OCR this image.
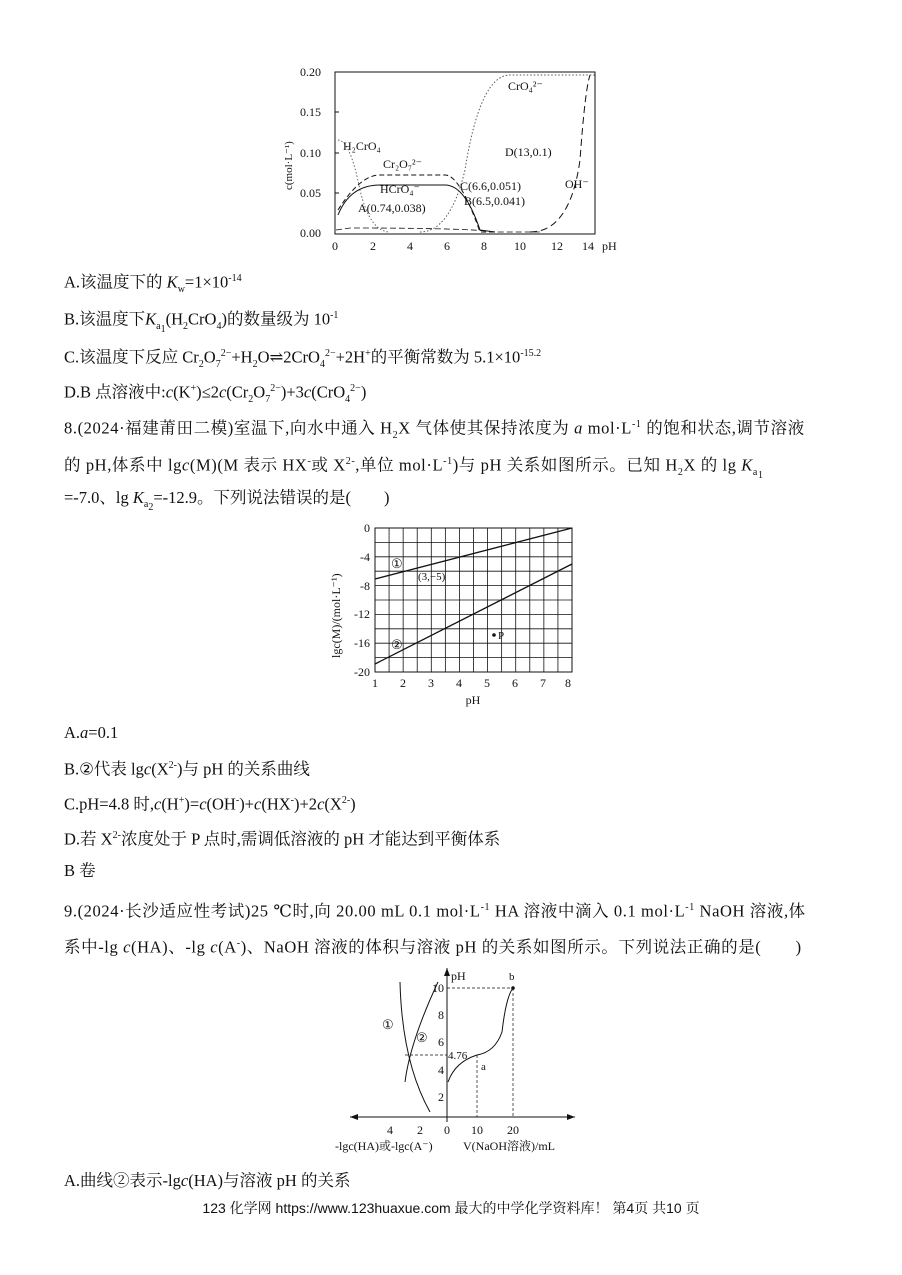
0.20
0.15
0.10
0.05
0.00
c(mol·L⁻¹)
0	2	4	6	8 10 12 14 pH
H₂CrO₄
Cr₂O₇²⁻
HCrO₄⁻
CrO₄²⁻
OH⁻
A(0.74,0.038)	B(6.5,0.041)
C(6.6,0.051)
D(13,0.1)
A.该温度下的 $K_w=1\times 10^{-14}$
B.该温度下$K_{a_1}(H_2CrO_4)$的数量级为 $10^{-1}$
C.该温度下反应 $Cr_2O_7^{2-}+H_2O\rightleftharpoons 2CrO_4^{2-}+2H^+$的平衡常数为 $5.1\times 10^{-15.2}$
D.B 点溶液中$:c(K^+)\le 2c(Cr_2O_7^{2-})+3c(CrO_4^{2-})$
8.(2024·福建莆田二模)室温下,向水中通入 $H_2X$ 气体使其保持浓度为 a $mol\cdot L^{-1}$ 的饱和状态,调节溶液
的 pH,体系中 lgc(M)(M 表示 HX-或 $X^{2-}$,单位 $mol\cdot L^{-1}$)与 pH 关系如图所示。已知 $H_2X$ 的 $\lg K_{a_1}$
=-7.0、$\lg K_{a_2}=-12.9$。下列说法错误的是(　　)
0
-4
-8
-12
-16
-20
1 2 3 4 5 6 7 8
pH
lgc(M)/(mol·L⁻¹)
①
②
(3,−5)
P
A.a=0.1
B.②代表 $\lg c(X^{2-})$与 pH 的关系曲线
C.pH=4.8 时$,c(H^+)=c(OH^-)+c(HX^-)+2c(X^{2-})$
D.若 $X^{2-}$浓度处于 P 点时,需调低溶液的 pH 才能达到平衡体系
B 卷
9.(2024·长沙适应性考试)25 ℃时,向 20.00 mL 0.1 $mol\cdot L^{-1}$ HA 溶液中滴入 0.1 $mol\cdot L^{-1}$ NaOH 溶液,体
系中-lg c(HA)、-lg c(A-)、NaOH 溶液的体积与溶液 pH 的关系如图所示。下列说法正确的是(　　)
pH
10
8
6
4
2
4 2 0 10 20
-lgc(HA)或-lgc(A⁻)	V(NaOH溶液)/mL
4.76
①
②
b
a
A.曲线②表示-lgc(HA)与溶液 pH 的关系
123 化学网 https://www.123huaxue.com 最大的中学化学资料库！ 第4页 共10 页
